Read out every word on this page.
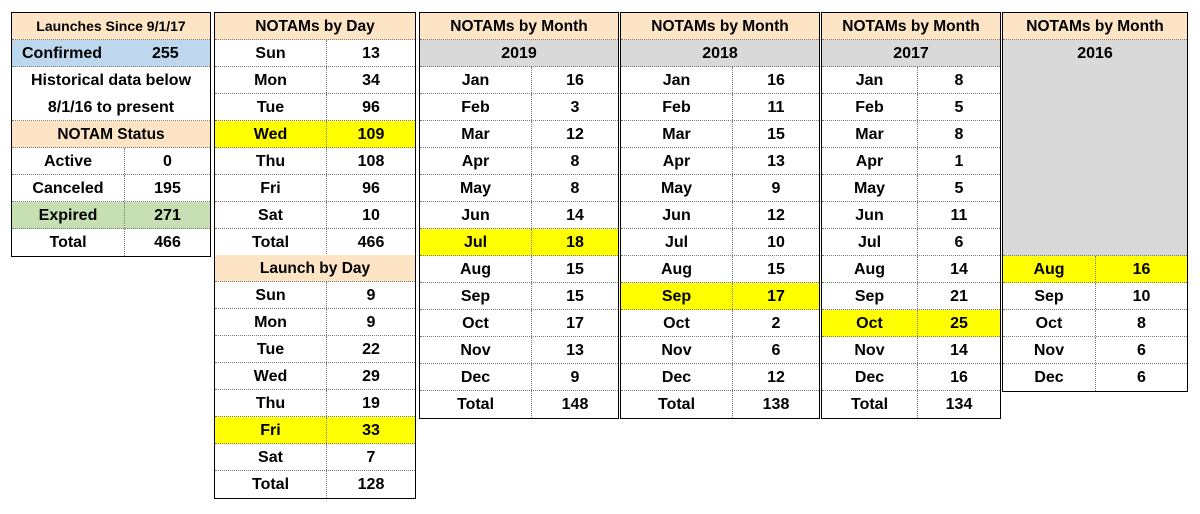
Launches Since 9/1/17
Confirmed	255
Historical data below
8/1/16 to present
NOTAM Status
Active	0
Canceled	195
Expired	271
Total	466
NOTAMs by Day
Sun	13
Mon	34
Tue	96
Wed	109
Thu	108
Fri	96
Sat	10
Total	466
Launch by Day
Sun	9
Mon	9
Tue	22
Wed	29
Thu	19
Fri	33
Sat	7
Total	128
NOTAMs by Month
2019
Jan	16
Feb	3
Mar	12
Apr	8
May	8
Jun	14
Jul	18
Aug	15
Sep	15
Oct	17
Nov	13
Dec	9
Total	148
NOTAMs by Month
2018
Jan	16
Feb	11
Mar	15
Apr	13
May	9
Jun	12
Jul	10
Aug	15
Sep	17
Oct	2
Nov	6
Dec	12
Total	138
NOTAMs by Month
2017
Jan	8
Feb	5
Mar	8
Apr	1
May	5
Jun	11
Jul	6
Aug	14
Sep	21
Oct	25
Nov	14
Dec	16
Total	134
NOTAMs by Month
2016
Aug	16
Sep	10
Oct	8
Nov	6
Dec	6
